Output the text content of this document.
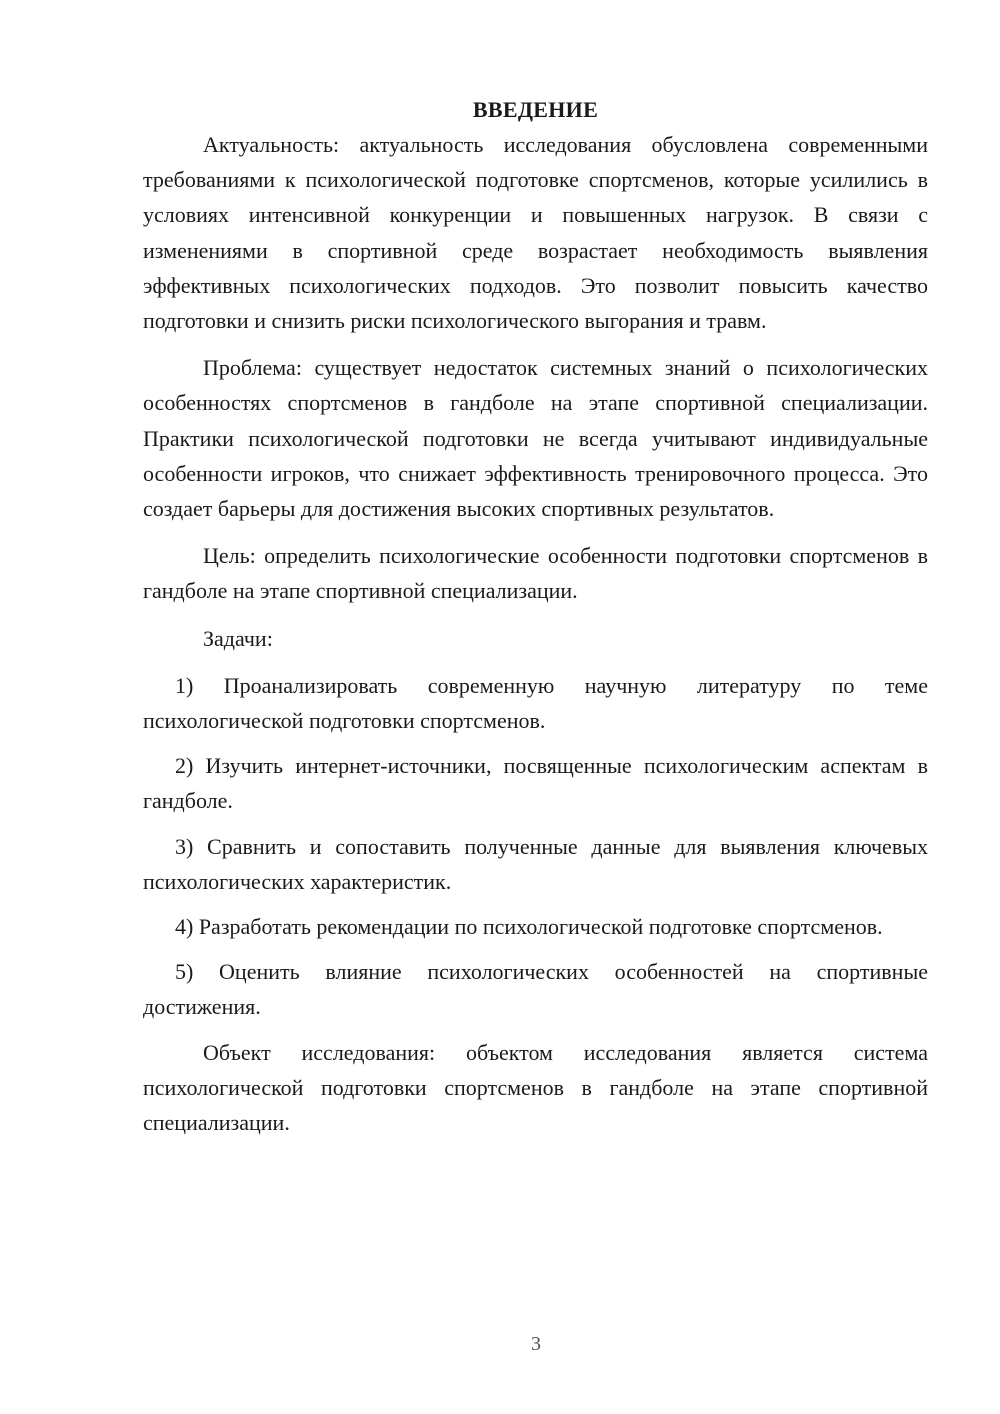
ВВЕДЕНИЕ

Актуальность: актуальность исследования обусловлена современными требованиями к психологической подготовке спортсменов, которые усилились в условиях интенсивной конкуренции и повышенных нагрузок. В связи с изменениями в спортивной среде возрастает необходимость выявления эффективных психологических подходов. Это позволит повысить качество подготовки и снизить риски психологического выгорания и травм.

Проблема: существует недостаток системных знаний о психологических особенностях спортсменов в гандболе на этапе спортивной специализации. Практики психологической подготовки не всегда учитывают индивидуальные особенности игроков, что снижает эффективность тренировочного процесса. Это создает барьеры для достижения высоких спортивных результатов.

Цель: определить психологические особенности подготовки спортсменов в гандболе на этапе спортивной специализации.

Задачи:

1) Проанализировать современную научную литературу по теме психологической подготовки спортсменов.

2) Изучить интернет-источники, посвященные психологическим аспектам в гандболе.

3) Сравнить и сопоставить полученные данные для выявления ключевых психологических характеристик.

4) Разработать рекомендации по психологической подготовке спортсменов.

5) Оценить влияние психологических особенностей на спортивные достижения.

Объект исследования: объектом исследования является система психологической подготовки спортсменов в гандболе на этапе спортивной специализации.

3
